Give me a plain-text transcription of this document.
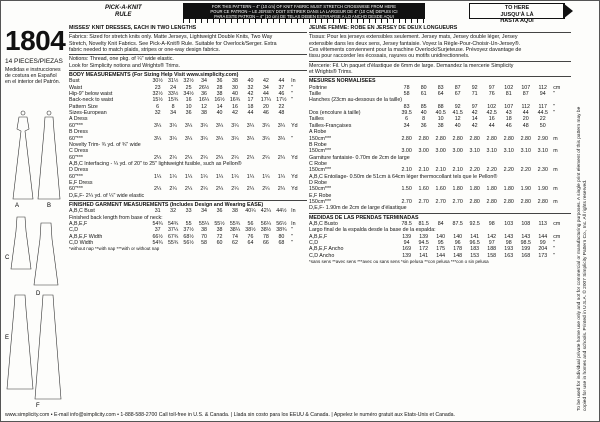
PICK-A-KNIT
RULE
FOR THIS PATTERN – 4" (10 cm) OF KNIT FABRIC MUST STRETCH CROSSWISE FROM HERE
POUR CE PATRON – LE JERSEY DOIT S'ÉTIRER DANS LA LARGEUR DE 4" (10 CM) DEPUIS ICI
PARA ESTE PATRON – 4" (10 cm) DE TELAS DEBEN ESTIRARSE A LO ANCHO DESDE AQUI
TO HERE
JUSQU'À LÀ
HASTA AQUI
1804
14 PIECES/PIEZAS
Medidas e instrucciones de costura en Español en el interior del Patrón.
A	B
C
D
E
F
MISSES' KNIT DRESSES, EACH IN TWO LENGTHS
Fabrics: Sized for stretch knits only. Matte Jerseys, Lightweight Double Knits, Two Way
Stretch, Novelty Knit Fabrics. See Pick-A-Knit® Rule. Suitable for Overlock/Serger. Extra
fabric needed to match plaids, stripes or one-way design fabrics.
Notions: Thread, one pkg. of ¼" wide elastic.
Look for Simplicity notions and Wrights® Trims.
BODY MEASUREMENTS (For Sizing Help Visit www.simplicity.com)
Bust	30½	31½	32½	34	36	38	40	42	44	In
Waist	23	24	25	26½	28	30	32	34	37	"
Hip-9" below waist	32½	33½	34½	36	38	40	42	44	46	"
Back-neck to waist	15½	15¾	16	16¼	16½	16¾	17	17¼	17½	"
Pattern Size	6	8	10	12	14	16	18	20	22	
Sizes-European	32	34	36	38	40	42	44	46	48	
A Dress										
60"***	3¼	3¼	3¼	3¼	3¼	3¼	3¼	3¼	3¼	Yd
B Dress										
60"***	3¼	3¼	3¼	3¼	3¼	3¼	3¼	3¼	3¼	"
Novelty Trim- ¾ yd. of ¾" wide										
C Dress										
60"***	2¼	2¼	2¼	2¼	2¼	2¼	2¼	2¼	2¼	Yd
A,B,C Interfacing - ¼ yd. of 20" to 25" lightweight fusible, such as Pellon®										
D Dress										
60"***	1¼	1¼	1¼	1¼	1¼	1¼	1¼	1¼	1¼	Yd
E,F Dress										
60"***	2¼	2¼	2¼	2¼	2¼	2¼	2¼	2¼	2¼	Yd
D,E,F- 2¼ yd. of ¼" wide elastic										
FINISHED GARMENT MEASUREMENTS (Includes Design and Wearing EASE)
A,B,C Bust	31	32	33	34	36	38	40¼	42¼	44½	In
Finished back length from base of neck:										
A,B,E,F	54¾	54¾	55	55¼	55½	55¾	56	56¼	56½	In
C,D	37	37¼	37½	38	38	38¼	38½	38½	38¾	"
A,B,E,F Width	66½	67¾	68½	70	72	74	76	78	80	"
C,D Width	54¾	55¾	56½	58	60	62	64	66	68	"
*without nap **with nap ***with or without nap
JEUNE FEMME: ROBE EN JERSEY DE DEUX LONGUEURS
Tissus: Pour les jerseys extensibles seulement. Jersey mats, Jersey double léger, Jersey
extensible dans les deux sens, Jersey fantaisie. Voyez la Règle-Pour-Choisir-Un-Jersey®.
Ces vêtements conviennent pour la machine Overlock/Surjeteuse. Prévoyez davantage de
tissu pour raccorder les écossais, rayures ou motifs unidirectionnels.
Mercerie: Fil. Un paquet d'élastique de 6mm de large. Demandez la mercerie Simplicity
et Wrights® Trims.
MESURES NORMALISEES
Poitrine	78	80	83	87	92	97	102	107	112	cm
Taille	58	61	64	67	71	76	81	87	94	"
Hanches (23cm au-dessous de la taille)										
	83	85	88	92	97	102	107	112	117	"
Dos (encolure à taille)	39.5	40	40.5	41.5	42	42.5	43	44	44.5	"
Tailles	6	8	10	12	14	16	18	20	22	
Tailles-Françaises	34	36	38	40	42	44	46	48	50	
A Robe										
150cm***	2.80	2.80	2.80	2.80	2.80	2.80	2.80	2.80	2.90	m
B Robe										
150cm***	3.00	3.00	3.00	3.00	3.10	3.10	3.10	3.10	3.10	m
Garniture fantaisie- 0.70m de 2cm de large										
C Robe										
150cm***	2.10	2.10	2.10	2.10	2.20	2.20	2.20	2.20	2.30	m
A,B,C Entoilage- 0.50m de 51cm à 64cm léger thermocollant tels que le Pellon®										
D Robe										
150cm***	1.50	1.60	1.60	1.80	1.80	1.80	1.80	1.90	1.90	m
E,F Robe										
150cm***	2.70	2.70	2.70	2.70	2.80	2.80	2.80	2.80	2.80	m
D,E,F- 1.90m de 2cm de large d'élastique										
MEDIDAS DE LAS PRENDAS TERMINADAS
A,B,C Busto	78.5	81.5	84	87.5	92.5	98	103	108	113	cm
Largo final de la espalda desde la base de la espalda:										
A,B,E,F	139	139	140	140	141	142	143	143	144	cm
C,D	94	94.5	95	96	96.5	97	98	98.5	99	"
A,B,E,F Ancho	169	172	175	178	183	188	193	199	204	"
C,D Ancho	139	141	144	148	153	158	163	168	173	"
*sans sens **avec sens ***avec ou sans sens *sin pelusa **con pelusa ***con o sin pelusa	To be used for individual private home use only and not for commercial or manufacturing purposes. A single print element of this pattern may be
copied for use in homes and schools. Printed in U.S.A. © 2007 Simplicity Pattern Co., Inc. All rights reserved.
www.simplicity.com • E-mail info@simplicity.com • 1-888-588-2700 Call toll-free in U.S. & Canada. | Llada sin costo para los EEUU & Canada. | Appelez le numéro gratuit aux États-Unis et Canada.
